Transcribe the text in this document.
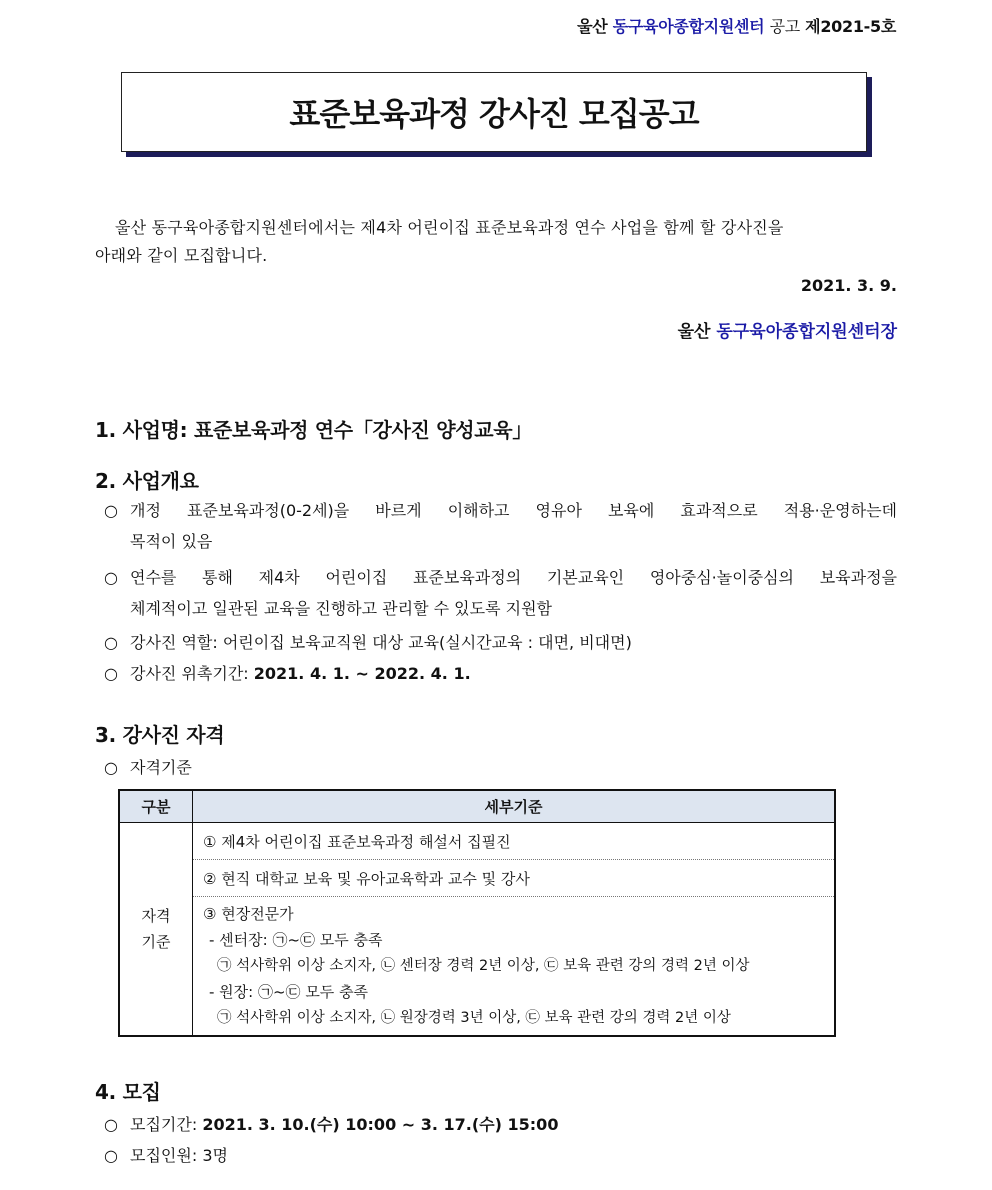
울산 동구육아종합지원센터 공고 제2021-5호
표준보육과정 강사진 모집공고

울산 동구육아종합지원센터에서는 제4차 어린이집 표준보육과정 연수 사업을 함께 할 강사진을

아래와 같이 모집합니다.
2021. 3. 9.
울산 동구육아종합지원센터장
1. 사업명: 표준보육과정 연수「강사진 양성교육」
2. 사업개요
○ 개정 표준보육과정(0-2세)을 바르게 이해하고 영유아 보육에 효과적으로 적용·운영하는데
목적이 있음
○ 연수를 통해 제4차 어린이집 표준보육과정의 기본교육인 영아중심·놀이중심의 보육과정을
체계적이고 일관된 교육을 진행하고 관리할 수 있도록 지원함
○ 강사진 역할: 어린이집 보육교직원 대상 교육(실시간교육 : 대면, 비대면)
○ 강사진 위촉기간: 2021. 4. 1. ~ 2022. 4. 1.
3. 강사진 자격
○ 자격기준
구분	세부기준

자격
기준	① 제4차 어린이집 표준보육과정 해설서 집필진
	② 현직 대학교 보육 및 유아교육학과 교수 및 강사

	③ 현장전문가
- 센터장: ㉠~㉢ 모두 충족
㉠ 석사학위 이상 소지자, ㉡ 센터장 경력 2년 이상, ㉢ 보육 관련 강의 경력 2년 이상
- 원장: ㉠~㉢ 모두 충족
㉠ 석사학위 이상 소지자, ㉡ 원장경력 3년 이상, ㉢ 보육 관련 강의 경력 2년 이상
4. 모집
○ 모집기간: 2021. 3. 10.(수) 10:00 ~ 3. 17.(수) 15:00
○ 모집인원: 3명
